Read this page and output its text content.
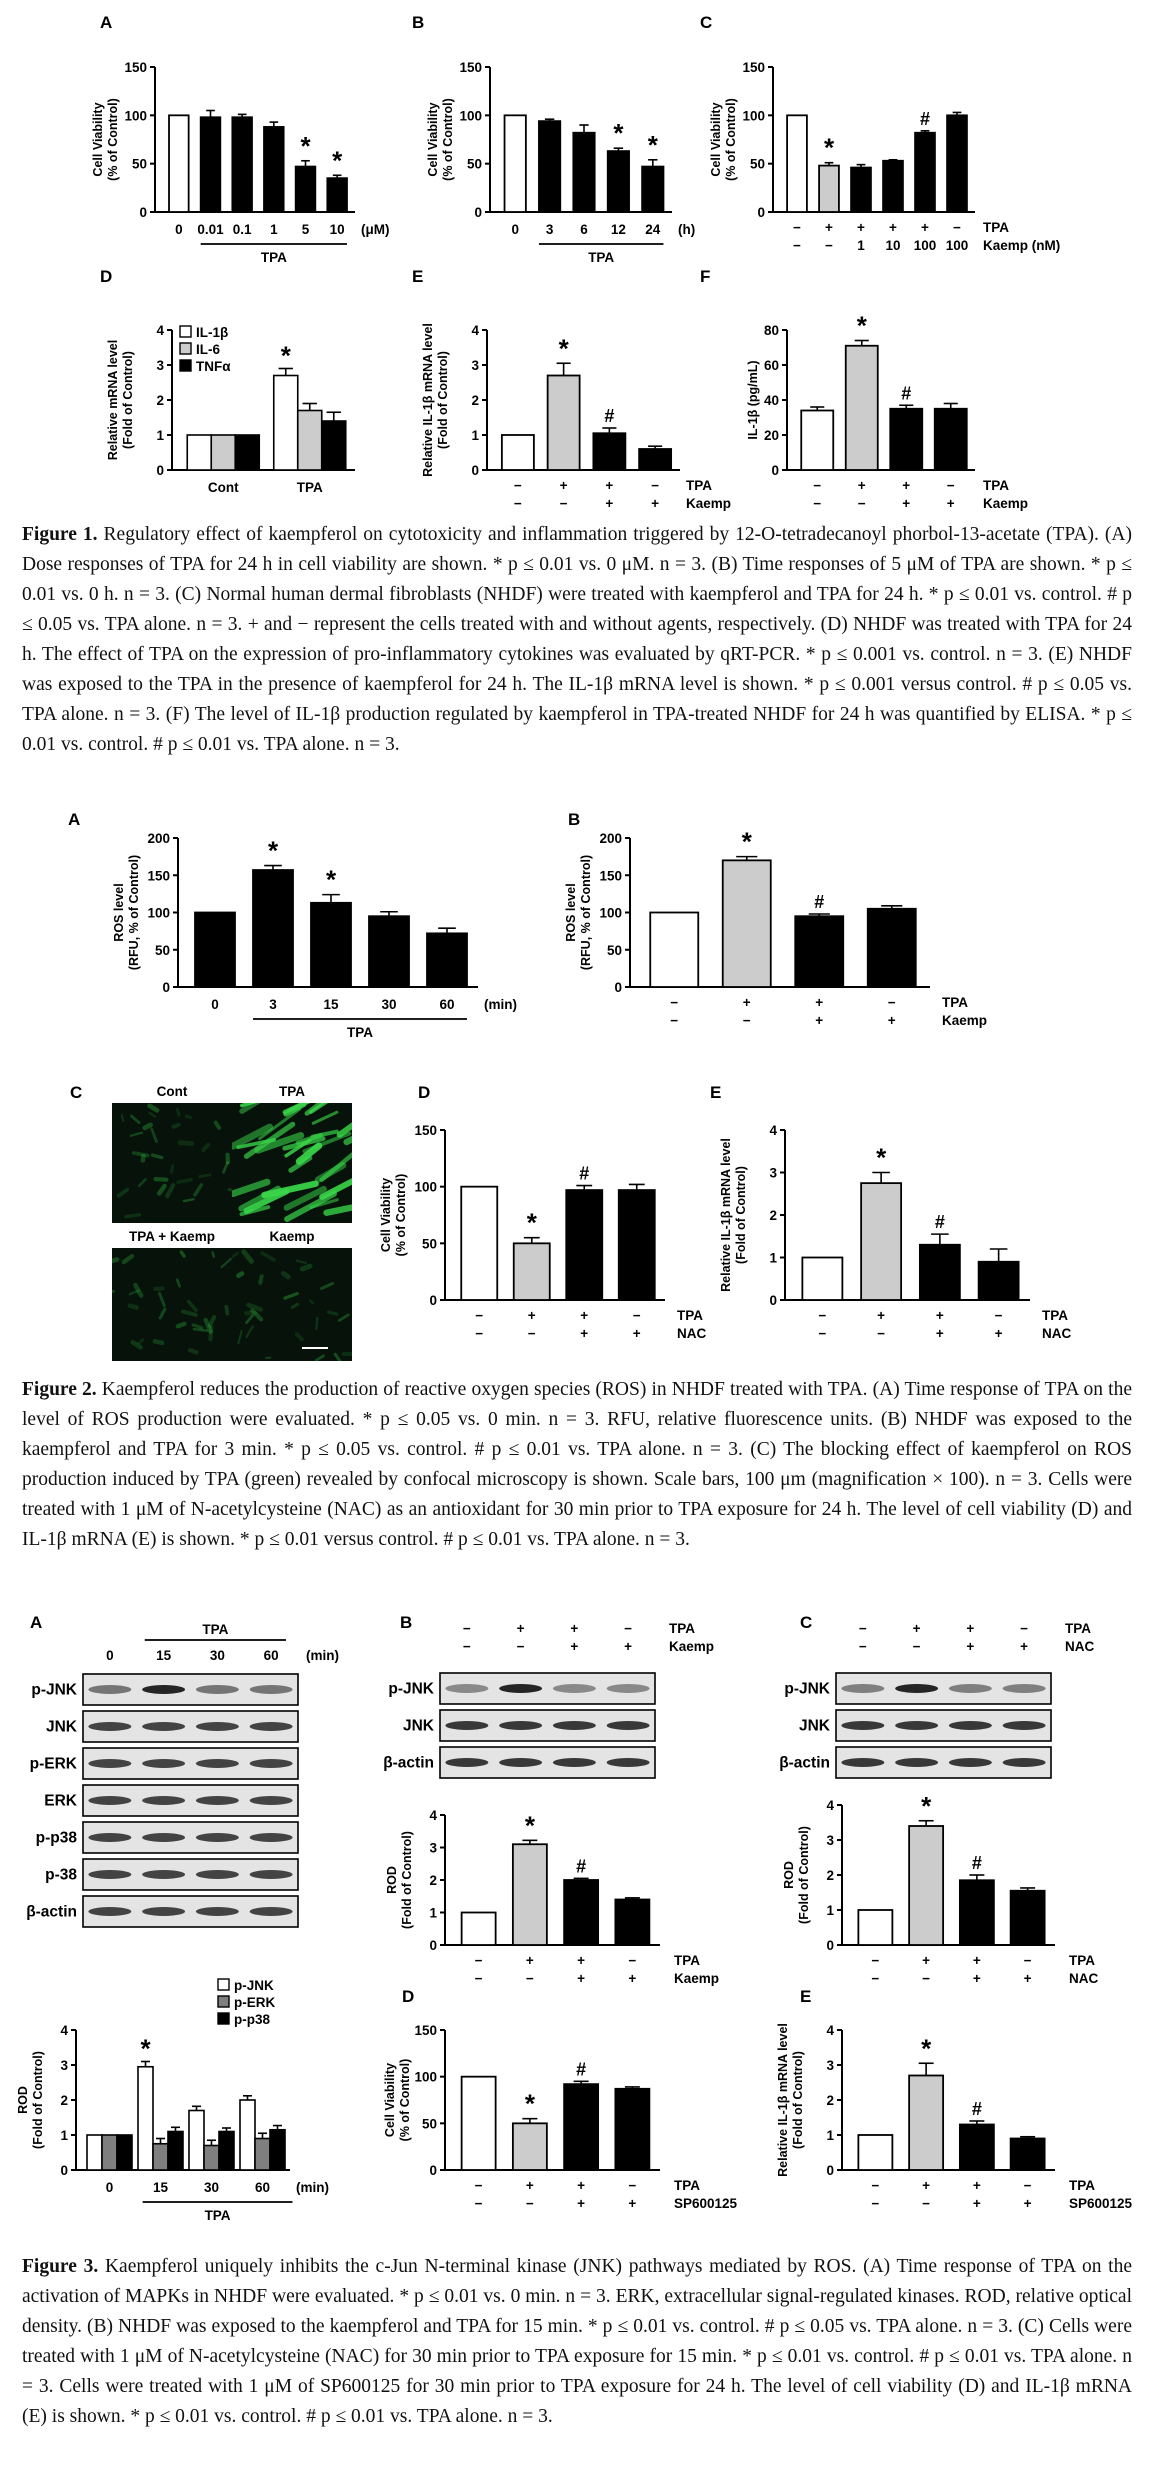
0
50
100
150
Cell Viability (% of Control)
0 0.01 0.1 1
*
5
*
10 (μM)
TPA
A
0
50
100
150
Cell Viability (% of Control)
0 3 6
*
12
*
24 (h)
TPA
B
0
50
100
150
Cell Viability (% of Control)
−
−
*
+
−
+
1
+
10
#
+
100
−
100
TPA
Kaemp (nM)
C
0
1
2
3
4
Relative mRNA level (Fold of Control)
Cont
*
TPA
IL-1β
IL-6
TNFα
D
0
1
2
3
4
Relative IL-1β mRNA level (Fold of Control)
−
−
*
+
−
#
+
+
−
+
TPA
Kaemp
E
0
20
40
60
80
IL-1β (pg/mL)
−
−
*
+
−
#
+
+
−
+
TPA
Kaemp
F
Figure 1. Regulatory effect of kaempferol on cytotoxicity and inflammation triggered by 12-O-tetradecanoyl phorbol-13-acetate (TPA). (A) Dose responses of TPA for 24 h in cell viability are shown. * p ≤ 0.01 vs. 0 μM. n = 3. (B) Time responses of 5 μM of TPA are shown. * p ≤ 0.01 vs. 0 h. n = 3. (C) Normal human dermal fibroblasts (NHDF) were treated with kaempferol and TPA for 24 h. * p ≤ 0.01 vs. control. # p ≤ 0.05 vs. TPA alone. n = 3. + and − represent the cells treated with and without agents, respectively. (D) NHDF was treated with TPA for 24 h. The effect of TPA on the expression of pro-inflammatory cytokines was evaluated by qRT-PCR. * p ≤ 0.001 vs. control. n = 3. (E) NHDF was exposed to the TPA in the presence of kaempferol for 24 h. The IL-1β mRNA level is shown. * p ≤ 0.001 versus control. # p ≤ 0.05 vs. TPA alone. n = 3. (F) The level of IL-1β production regulated by kaempferol in TPA-treated NHDF for 24 h was quantified by ELISA. * p ≤ 0.01 vs. control. # p ≤ 0.01 vs. TPA alone. n = 3.
0
50
100
150
200
ROS level (RFU, % of Control)
0
*
3
*
15	30	60 (min)
TPA
A
0
50
100
150
200
ROS level (RFU, % of Control)
−
−
*
+
−
#
+
+
−
+
TPA
Kaemp
B
C	Cont	TPA
TPA + Kaemp	Kaemp
0
50
100
150
Cell Viability (% of Control)
−
−
*
+
−
#
+
+
−
+
TPA
NAC
D
0
1
2
3
4
Relative IL-1β mRNA level (Fold of Control)
−
−
*
+
−
#
+
+
−
+
TPA
NAC
E
Figure 2. Kaempferol reduces the production of reactive oxygen species (ROS) in NHDF treated with TPA. (A) Time response of TPA on the level of ROS production were evaluated. * p ≤ 0.05 vs. 0 min. n = 3. RFU, relative fluorescence units. (B) NHDF was exposed to the kaempferol and TPA for 3 min. * p ≤ 0.05 vs. control. # p ≤ 0.01 vs. TPA alone. n = 3. (C) The blocking effect of kaempferol on ROS production induced by TPA (green) revealed by confocal microscopy is shown. Scale bars, 100 μm (magnification × 100). n = 3. Cells were treated with 1 μM of N-acetylcysteine (NAC) as an antioxidant for 30 min prior to TPA exposure for 24 h. The level of cell viability (D) and IL-1β mRNA (E) is shown. * p ≤ 0.01 versus control. # p ≤ 0.01 vs. TPA alone. n = 3.
p-JNK
JNK
p-ERK
ERK
p-p38
p-38
β-actin
0	15	30	60 (min)
TPA
A
p-JNK
JNK
β-actin
−	+	+	−	TPA
−	−	+	+	Kaemp
B
p-JNK
JNK
β-actin
−	+	+	−	TPA
−	−	+	+	NAC
C
0
1
2
3
4
ROD (Fold of Control)
0
*
15	30	60
p-JNK
p-ERK
p-p38
(min)
TPA
0
1
2
3
4
ROD (Fold of Control)
−
−
*
+
−
#
+
+
−
+
TPA
Kaemp
0
1
2
3
4
ROD (Fold of Control)
−
−
*
+
−
#
+
+
−
+
TPA
NAC
0
50
100
150
Cell Viability (% of Control)
−
−
*
+
−
#
+
+
−
+
TPA
SP600125
D
0
1
2
3
4
Relative IL-1β mRNA level (Fold of Control)
−
−
*
+
−
#
+
+
−
+
TPA
SP600125
E
Figure 3. Kaempferol uniquely inhibits the c-Jun N-terminal kinase (JNK) pathways mediated by ROS. (A) Time response of TPA on the activation of MAPKs in NHDF were evaluated. * p ≤ 0.01 vs. 0 min. n = 3. ERK, extracellular signal-regulated kinases. ROD, relative optical density. (B) NHDF was exposed to the kaempferol and TPA for 15 min. * p ≤ 0.01 vs. control. # p ≤ 0.05 vs. TPA alone. n = 3. (C) Cells were treated with 1 μM of N-acetylcysteine (NAC) for 30 min prior to TPA exposure for 15 min. * p ≤ 0.01 vs. control. # p ≤ 0.01 vs. TPA alone. n = 3. Cells were treated with 1 μM of SP600125 for 30 min prior to TPA exposure for 24 h. The level of cell viability (D) and IL-1β mRNA (E) is shown. * p ≤ 0.01 vs. control. # p ≤ 0.01 vs. TPA alone. n = 3.
